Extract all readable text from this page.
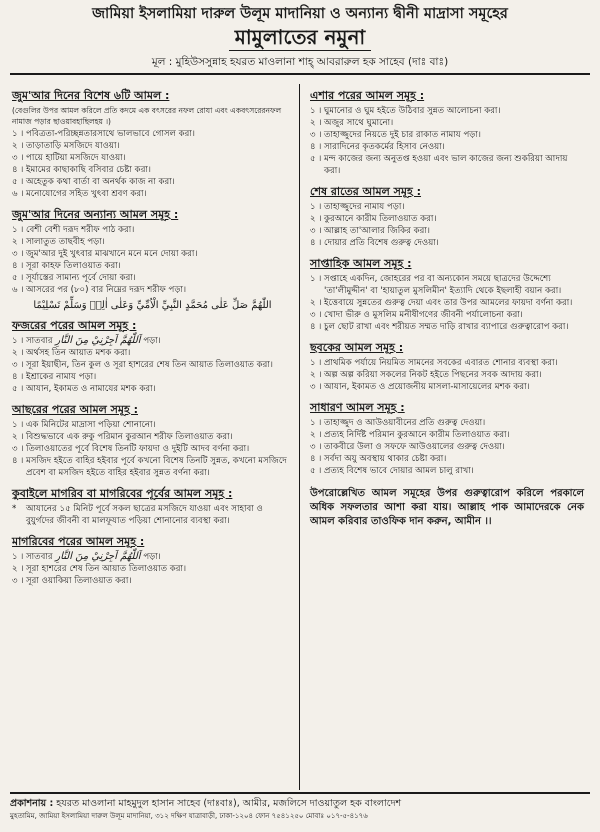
জামিয়া ইসলামিয়া দারুল উলূম মাদানিয়া ও অন্যান্য দ্বীনী মাদ্রাসা সমূহের
মামুলাতের নমুনা
মূল : মুহিউসসুন্নাহ হযরত মাওলানা শাহ্ আবরারুল হক সাহেব (দাঃ বাঃ)
জুম'আর দিনের বিশেষ ৬টি আমল :
(বেগুলির উপর আমল করিলে প্রতি কদমে এক বৎসরের নফল রোযা এবং একবৎসরেরনফল নামাজ পড়ার ছাওয়াবহাছিলহয় ।)
১ । পবিত্রতা-পরিচ্ছন্নতারসাথে ভালভাবে গোসল করা।
২ । তাড়াতাড়ি মসজিদে যাওয়া।
৩ । পায়ে হাটিয়া মসজিদে যাওয়া।
৪ । ইমামের কাছাকাছি বসিবার চেষ্টা করা।
৫ । অহেতুক কথা বার্তা বা অনর্থক কাজ না করা।
৬ । মনোযোগের সহিত খুৎবা শ্রবণ করা।
জুম'আর দিনের অন্যান্য আমল সমূহ :
১ । বেশী বেশী দরূদ শরীফ পাঠ করা।
২ । সালাতুত তাছবীহ পড়া।
৩ । জুম'আর দুই খুৎবার মাঝখানে মনে মনে দোয়া করা।
৪ । সূরা কাহফ তিলাওয়াত করা।
৫ । সূর্যাস্তের সামান্য পূর্বে দোয়া করা।
৬ । আসরের পর (৮০) বার নিম্নের দরূদ শরীফ পড়া।
اللّٰهُمَّ صَلِّ عَلٰى مُحَمَّدٍ النَّبِيِّ الْاُمِّيِّ وَعَلٰى اٰلِهٖ وَسَلِّمْ تَسْلِيْمًا
ফজরের পরের আমল সমূহ :
১ । সাতবার اَللّٰهُمَّ اَجِرْنِيْ مِنَ النَّارِ পড়া।
২ । অর্থসহ তিন আয়াত মশক করা।
৩ । সূরা ইয়াছীন, তিন কুল ও সূরা হাশরের শেষ তিন আয়াত তিলাওয়াত করা।
৪ । ইশ্রাকের নামায পড়া।
৫ । আযান, ইকামত ও নামাযের মশক করা।
আছরের পরের আমল সমূহ :
১ । এক মিনিটের মাদ্রাসা পড়িয়া শোনানো।
২ । বিশুদ্ধভাবে এক রুকু পরিমান কুরআন শরীফ তিলাওয়াত করা।
৩ । তিলাওয়াতের পূর্বে বিশেষ তিনটি ফায়দা ও দুইটি আদব বর্ণনা করা।
৪ । মসজিদ হইতে বাহির হইবার পূর্বে কখনো বিশেষ তিনটি সুন্নত, কখনো মসজিদে প্রবেশ বা মসজিদ হইতে বাহির হইবার সুন্নত বর্ণনা করা।
কুবাইলে মাগরিব বা মাগরিবের পূর্বের আমল সমূহ :
*	আযানের ১৫ মিনিট পূর্বে সকল ছাত্রের মসজিদে যাওয়া এবং সাহাবা ও বুযুর্গদের জীবনী বা মালফূযাত পড়িয়া শোনানোর ব্যবস্থা করা।
মাগরিবের পরের আমল সমূহ :
১ । সাতবার اَللّٰهُمَّ اَجِرْنِيْ مِنَ النَّارِ পড়া।
২ । সূরা হাশরের শেষ তিন আয়াত তিলাওয়াত করা।
৩ । সূরা ওয়াকিয়া তিলাওয়াত করা।
এশার পরের আমল সমূহ :
১ । ঘুমানোর ও ঘুম হইতে উঠিবার সুন্নত আলোচনা করা।
২ । অজুর সাথে ঘুমানো।
৩ । তাহাজ্জুদের নিয়তে দুই চার রাকাত নামায পড়া।
৪ । সারাদিনের কৃতকর্মের হিসাব নেওয়া।
৫ । মন্দ কাজের জন্য অনুতপ্ত হওয়া এবং ভাল কাজের জন্য শুকরিয়া আদায় করা।
শেষ রাতের আমল সমূহ :
১ । তাহাজ্জুদের নামায পড়া।
২ । কুরআনে কারীম তিলাওয়াত করা।
৩ । আল্লাহ তা'আলার জিকির করা।
৪ । দোয়ার প্রতি বিশেষ গুরুত্ব দেওয়া।
সাপ্তাহিক আমল সমূহ :
১ । সপ্তাহে একদিন, জোহরের পর বা অন্যকোন সময়ে ছাত্রদের উদ্দেশ্যে 'তা'লীমুদ্দীন' বা 'হায়াতুল মুসলিমীন' ইত্যাদি থেকে ইছলাহী বয়ান করা।
২ । ইত্তেবায়ে সুন্নতের গুরুত্ব দেয়া এবং তার উপর আমলের ফায়দা বর্ণনা করা।
৩ । খোদা ভীরু ও মুসলিম মনীষীগণের জীবনী পর্যালোচনা করা।
৪ । চুল ছোট রাখা এবং শরীয়ত সম্মত দাড়ি রাখার ব্যাপারে গুরুত্বারোপ করা।
ছবকের আমল সমূহ :
১ । প্রাথমিক পর্যায়ে নিয়মিত সামনের সবকের এবারত শোনার ব্যবস্থা করা।
২ । অল্প অল্প করিয়া সকলের নিকট হইতে পিছনের সবক আদায় করা।
৩ । আযান, ইকামত ও প্রয়োজনীয় মাসলা-মাসায়েলের মশক করা।
সাধারণ আমল সমূহ :
১ । তাহাজ্জুদ ও আউওয়াবীনের প্রতি গুরুত্ব দেওয়া।
২ । প্রত্যহ নির্দিষ্ট পরিমান কুরআনে কারীম তিলাওয়াত করা।
৩ । তাকবীরে উলা ও সফফে আউওয়ালের গুরুত্ব দেওয়া।
৪ । সর্বদা অযু অবস্থায় থাকার চেষ্টা করা।
৫ । প্রত্যহ বিশেষ ভাবে দোয়ার আমল চালু রাখা।
উপরোল্লেখিত আমল সমূহের উপর গুরুত্বারোপ করিলে পরকালে অধিক সফলতার আশা করা যায়। আল্লাহ পাক আমাদেরকে নেক আমল করিবার তাওফিক দান করুন, আমীন ।।
প্রকাশনায় : হযরত মাওলানা মাহমুদুল হাসান সাহেব (দাঃবাঃ), আমীর, মজলিসে দাওয়াতুল হক বাংলাদেশ
মুহতামিম, জামিয়া ইসলামিয়া দারুল উলূম মাদানিয়া, ৩১২ দক্ষিণ যাত্রাবাড়ী, ঢাকা-১২০৪ ফোন ৭৫৪১২৫০ মোবাঃ ০১৭-৫-৪১৭৬
